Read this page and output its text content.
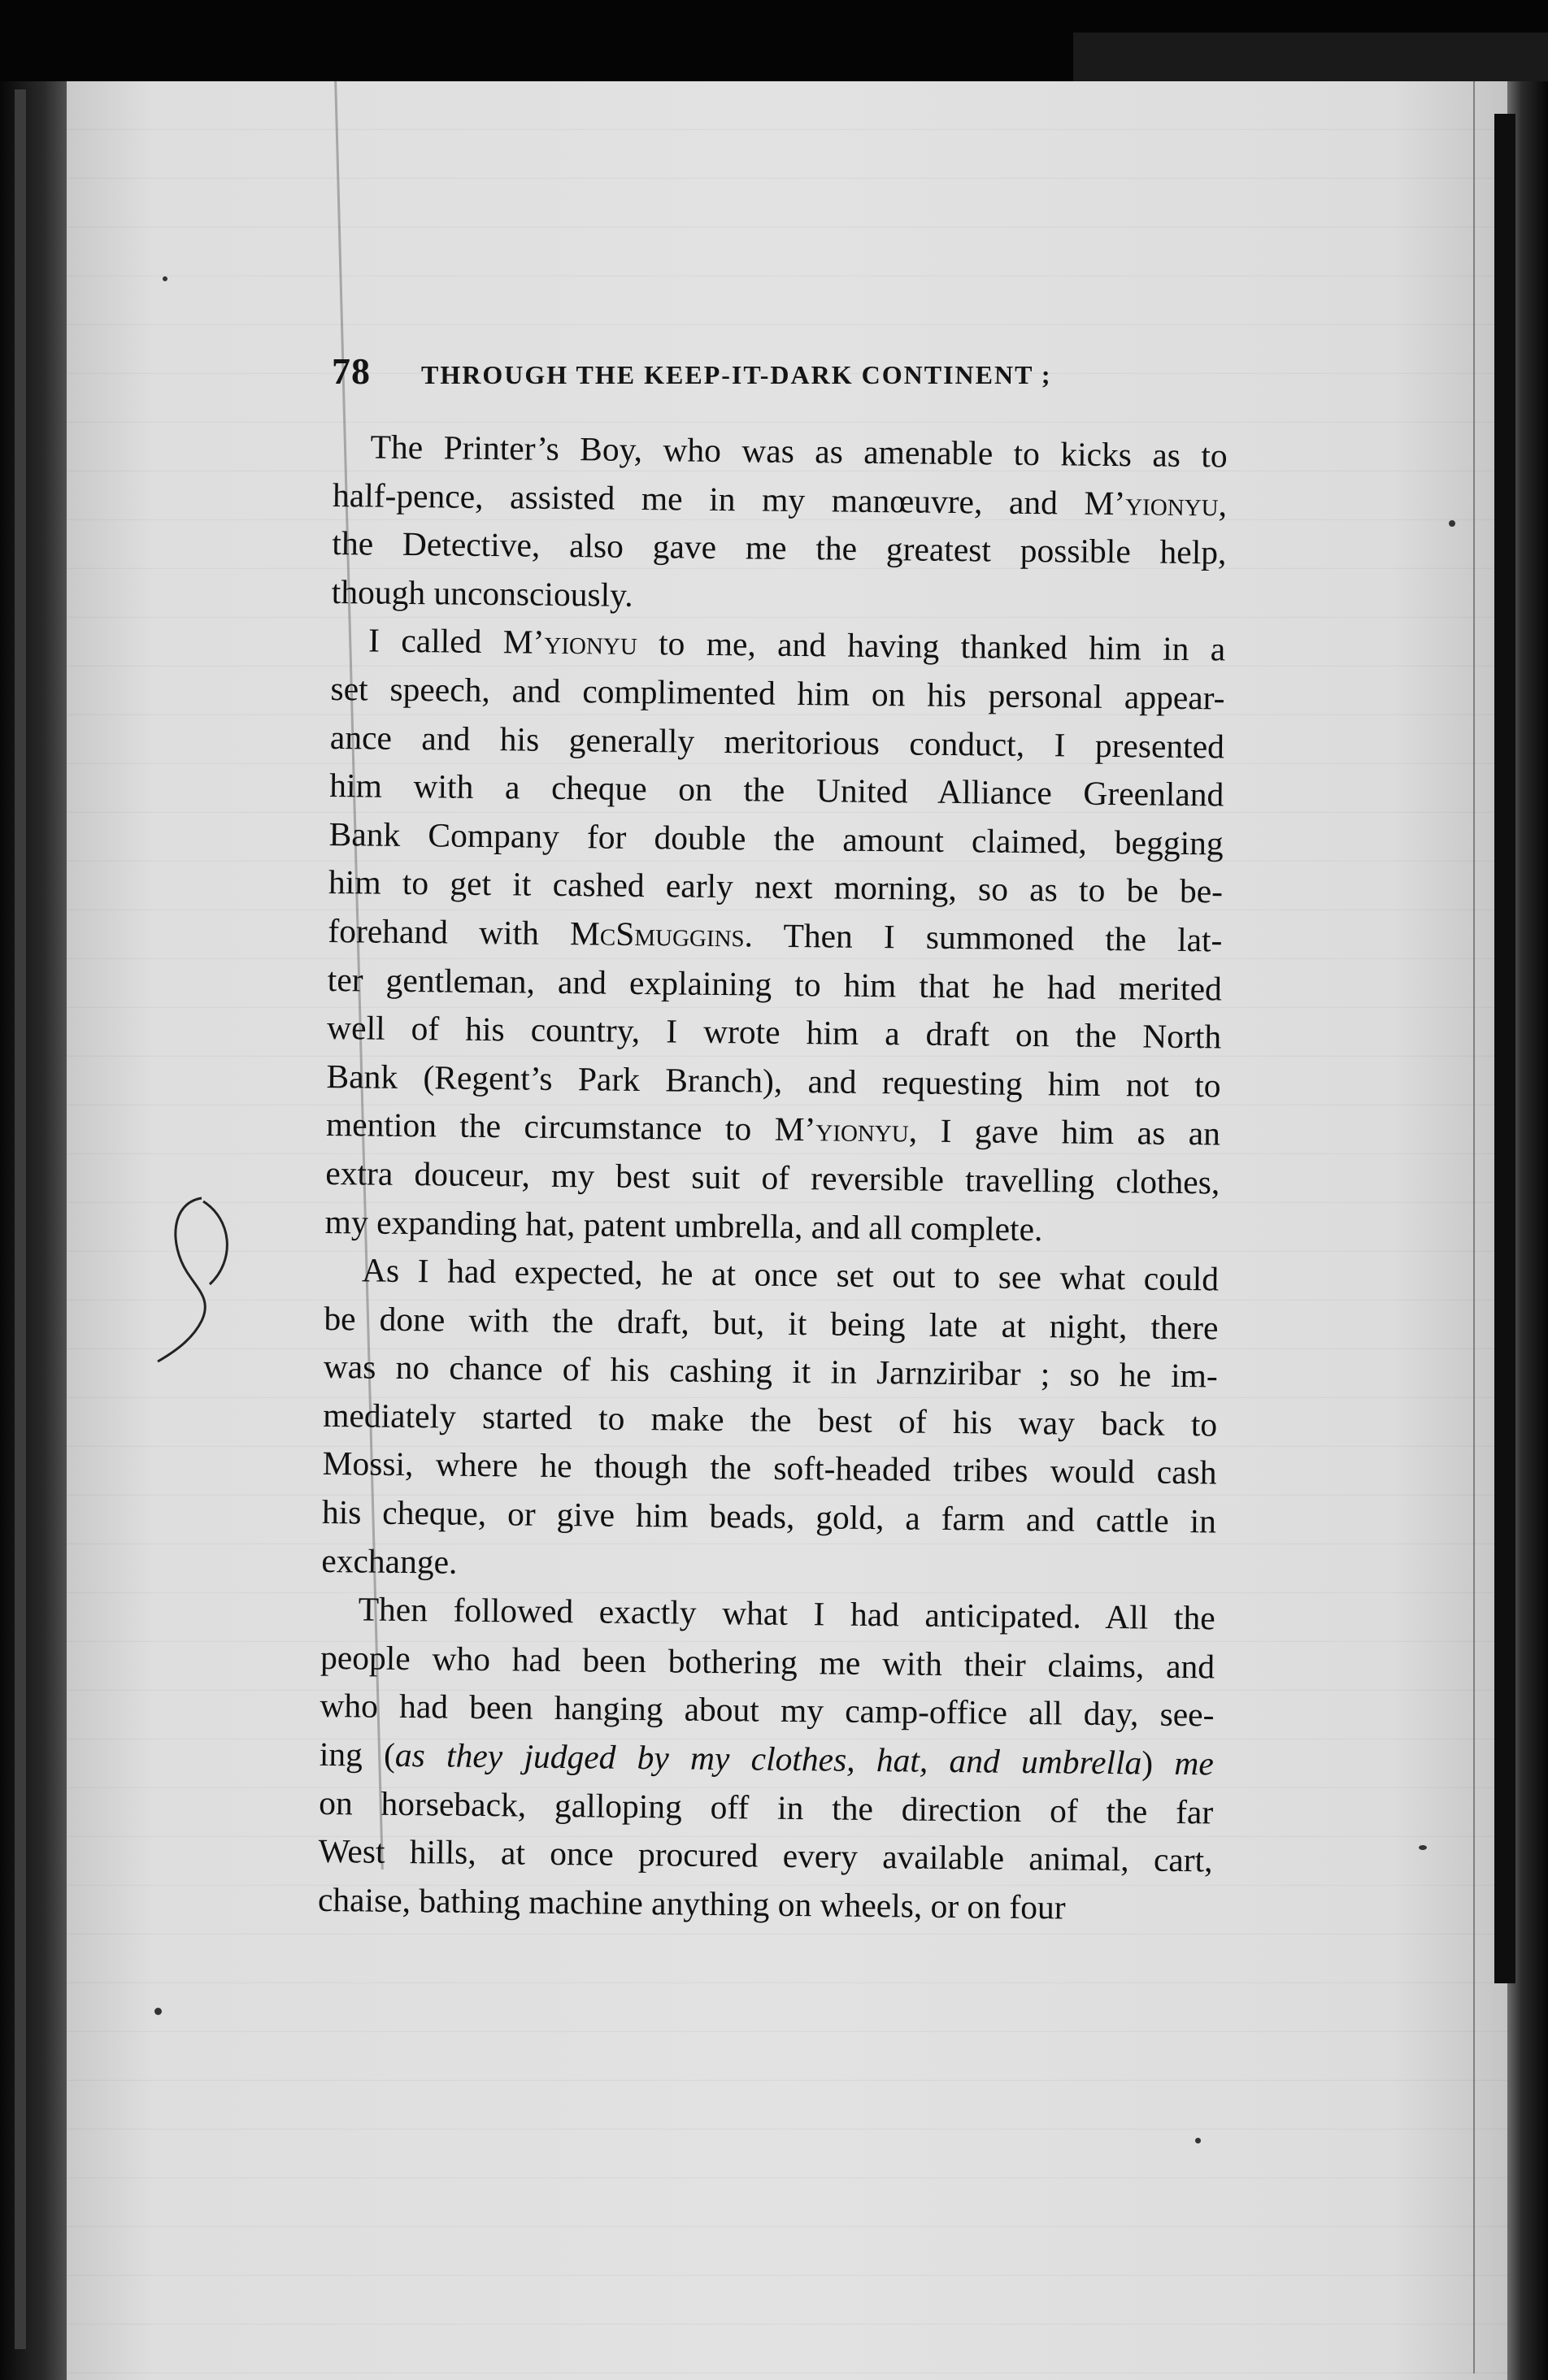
78 THROUGH THE KEEP-IT-DARK CONTINENT ;
The Printer’s Boy, who was as amenable to kicks as to
half-pence, assisted me in my manœuvre, and M’yionyu,
the Detective, also gave me the greatest possible help,
though unconsciously.
I called M’yionyu to me, and having thanked him in a
set speech, and complimented him on his personal appear-
ance and his generally meritorious conduct, I presented
him with a cheque on the United Alliance Greenland
Bank Company for double the amount claimed, begging
him to get it cashed early next morning, so as to be be-
forehand with McSmuggins. Then I summoned the lat-
ter gentleman, and explaining to him that he had merited
well of his country, I wrote him a draft on the North
Bank (Regent’s Park Branch), and requesting him not to
mention the circumstance to M’yionyu, I gave him as an
extra douceur, my best suit of reversible travelling clothes,
my expanding hat, patent umbrella, and all complete.
As I had expected, he at once set out to see what could
be done with the draft, but, it being late at night, there
was no chance of his cashing it in Jarnziribar ; so he im-
mediately started to make the best of his way back to
Mossi, where he though the soft-headed tribes would cash
his cheque, or give him beads, gold, a farm and cattle in
exchange.
Then followed exactly what I had anticipated. All the
people who had been bothering me with their claims, and
who had been hanging about my camp-office all day, see-
ing (as they judged by my clothes, hat, and umbrella) me
on horseback, galloping off in the direction of the far
West hills, at once procured every available animal, cart,
chaise, bathing machine anything on wheels, or on four
